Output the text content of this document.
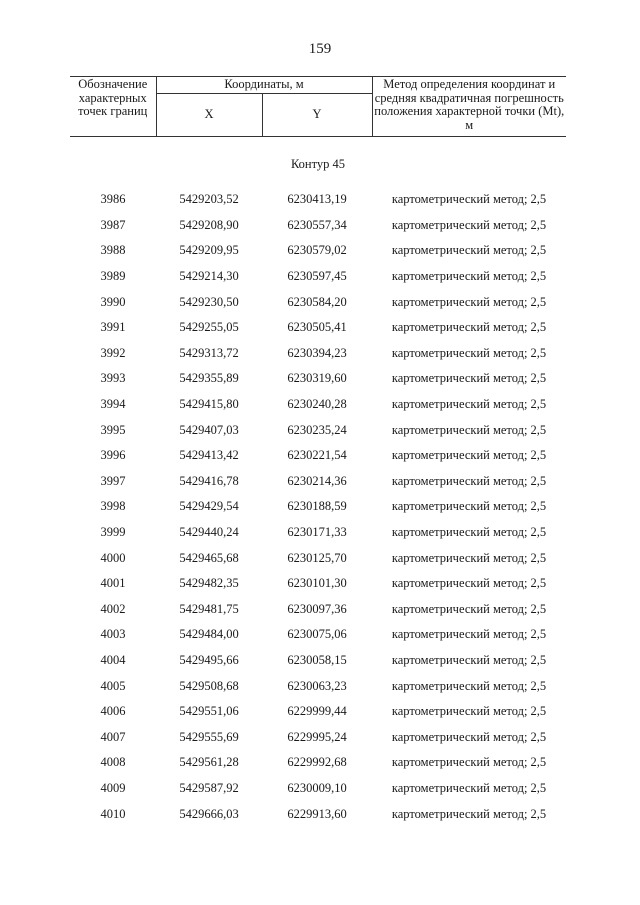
159
Обозначение характерных точек границ	Координаты, м		Метод определения координат и средняя квадратичная погрешность положения характерной точки (Mt), м
	X	Y	
Контур 45			
3986	5429203,52	6230413,19	картометрический метод; 2,5
3987	5429208,90	6230557,34	картометрический метод; 2,5
3988	5429209,95	6230579,02	картометрический метод; 2,5
3989	5429214,30	6230597,45	картометрический метод; 2,5
3990	5429230,50	6230584,20	картометрический метод; 2,5
3991	5429255,05	6230505,41	картометрический метод; 2,5
3992	5429313,72	6230394,23	картометрический метод; 2,5
3993	5429355,89	6230319,60	картометрический метод; 2,5
3994	5429415,80	6230240,28	картометрический метод; 2,5
3995	5429407,03	6230235,24	картометрический метод; 2,5
3996	5429413,42	6230221,54	картометрический метод; 2,5
3997	5429416,78	6230214,36	картометрический метод; 2,5
3998	5429429,54	6230188,59	картометрический метод; 2,5
3999	5429440,24	6230171,33	картометрический метод; 2,5
4000	5429465,68	6230125,70	картометрический метод; 2,5
4001	5429482,35	6230101,30	картометрический метод; 2,5
4002	5429481,75	6230097,36	картометрический метод; 2,5
4003	5429484,00	6230075,06	картометрический метод; 2,5
4004	5429495,66	6230058,15	картометрический метод; 2,5
4005	5429508,68	6230063,23	картометрический метод; 2,5
4006	5429551,06	6229999,44	картометрический метод; 2,5
4007	5429555,69	6229995,24	картометрический метод; 2,5
4008	5429561,28	6229992,68	картометрический метод; 2,5
4009	5429587,92	6230009,10	картометрический метод; 2,5
4010	5429666,03	6229913,60	картометрический метод; 2,5
